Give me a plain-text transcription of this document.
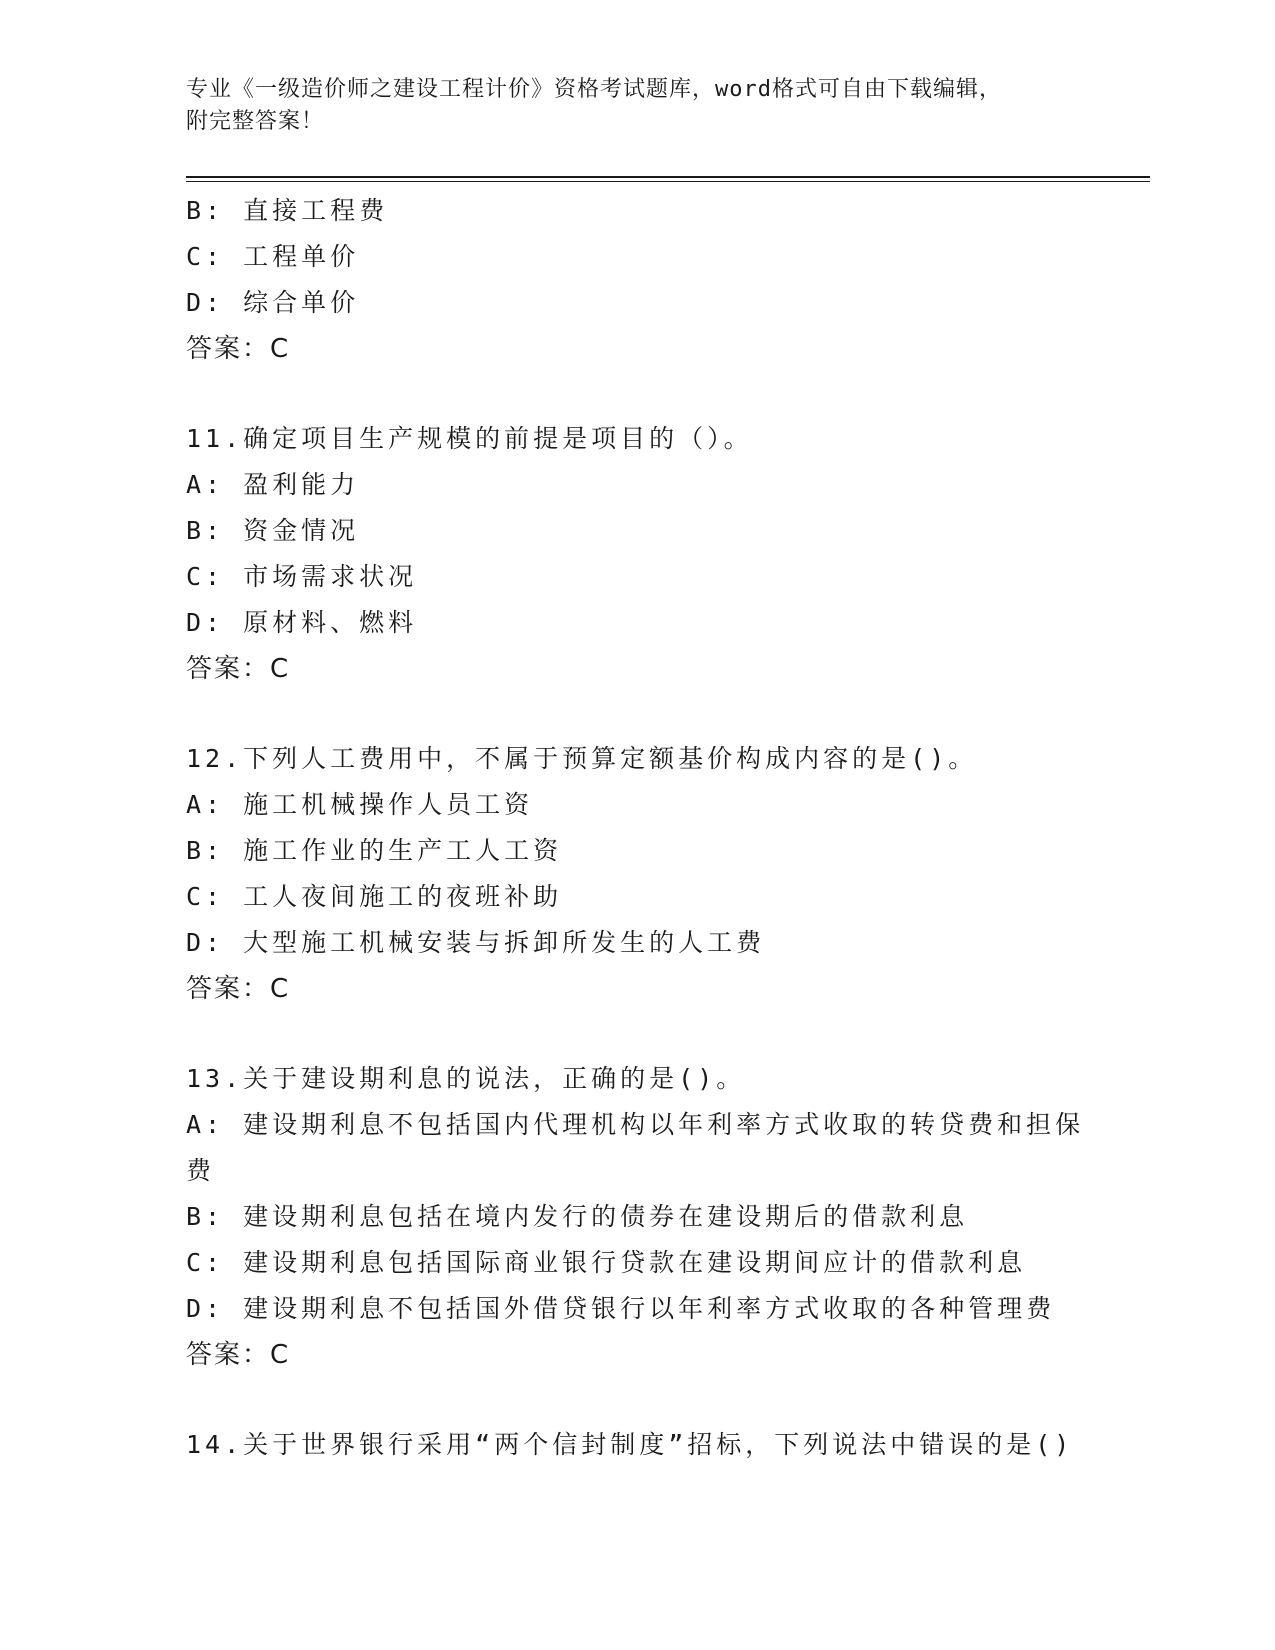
专业《一级造价师之建设工程计价》资格考试题库，word格式可自由下载编辑，
附完整答案！
B: 直接工程费
C: 工程单价
D: 综合单价
答案：C
11.确定项目生产规模的前提是项目的（）。
A: 盈利能力
B: 资金情况
C: 市场需求状况
D: 原材料、燃料
答案：C
12.下列人工费用中，不属于预算定额基价构成内容的是()。
A: 施工机械操作人员工资
B: 施工作业的生产工人工资
C: 工人夜间施工的夜班补助
D: 大型施工机械安装与拆卸所发生的人工费
答案：C
13.关于建设期利息的说法，正确的是()。
A: 建设期利息不包括国内代理机构以年利率方式收取的转贷费和担保
费
B: 建设期利息包括在境内发行的债券在建设期后的借款利息
C: 建设期利息包括国际商业银行贷款在建设期间应计的借款利息
D: 建设期利息不包括国外借贷银行以年利率方式收取的各种管理费
答案：C
14.关于世界银行采用“两个信封制度”招标，下列说法中错误的是()
